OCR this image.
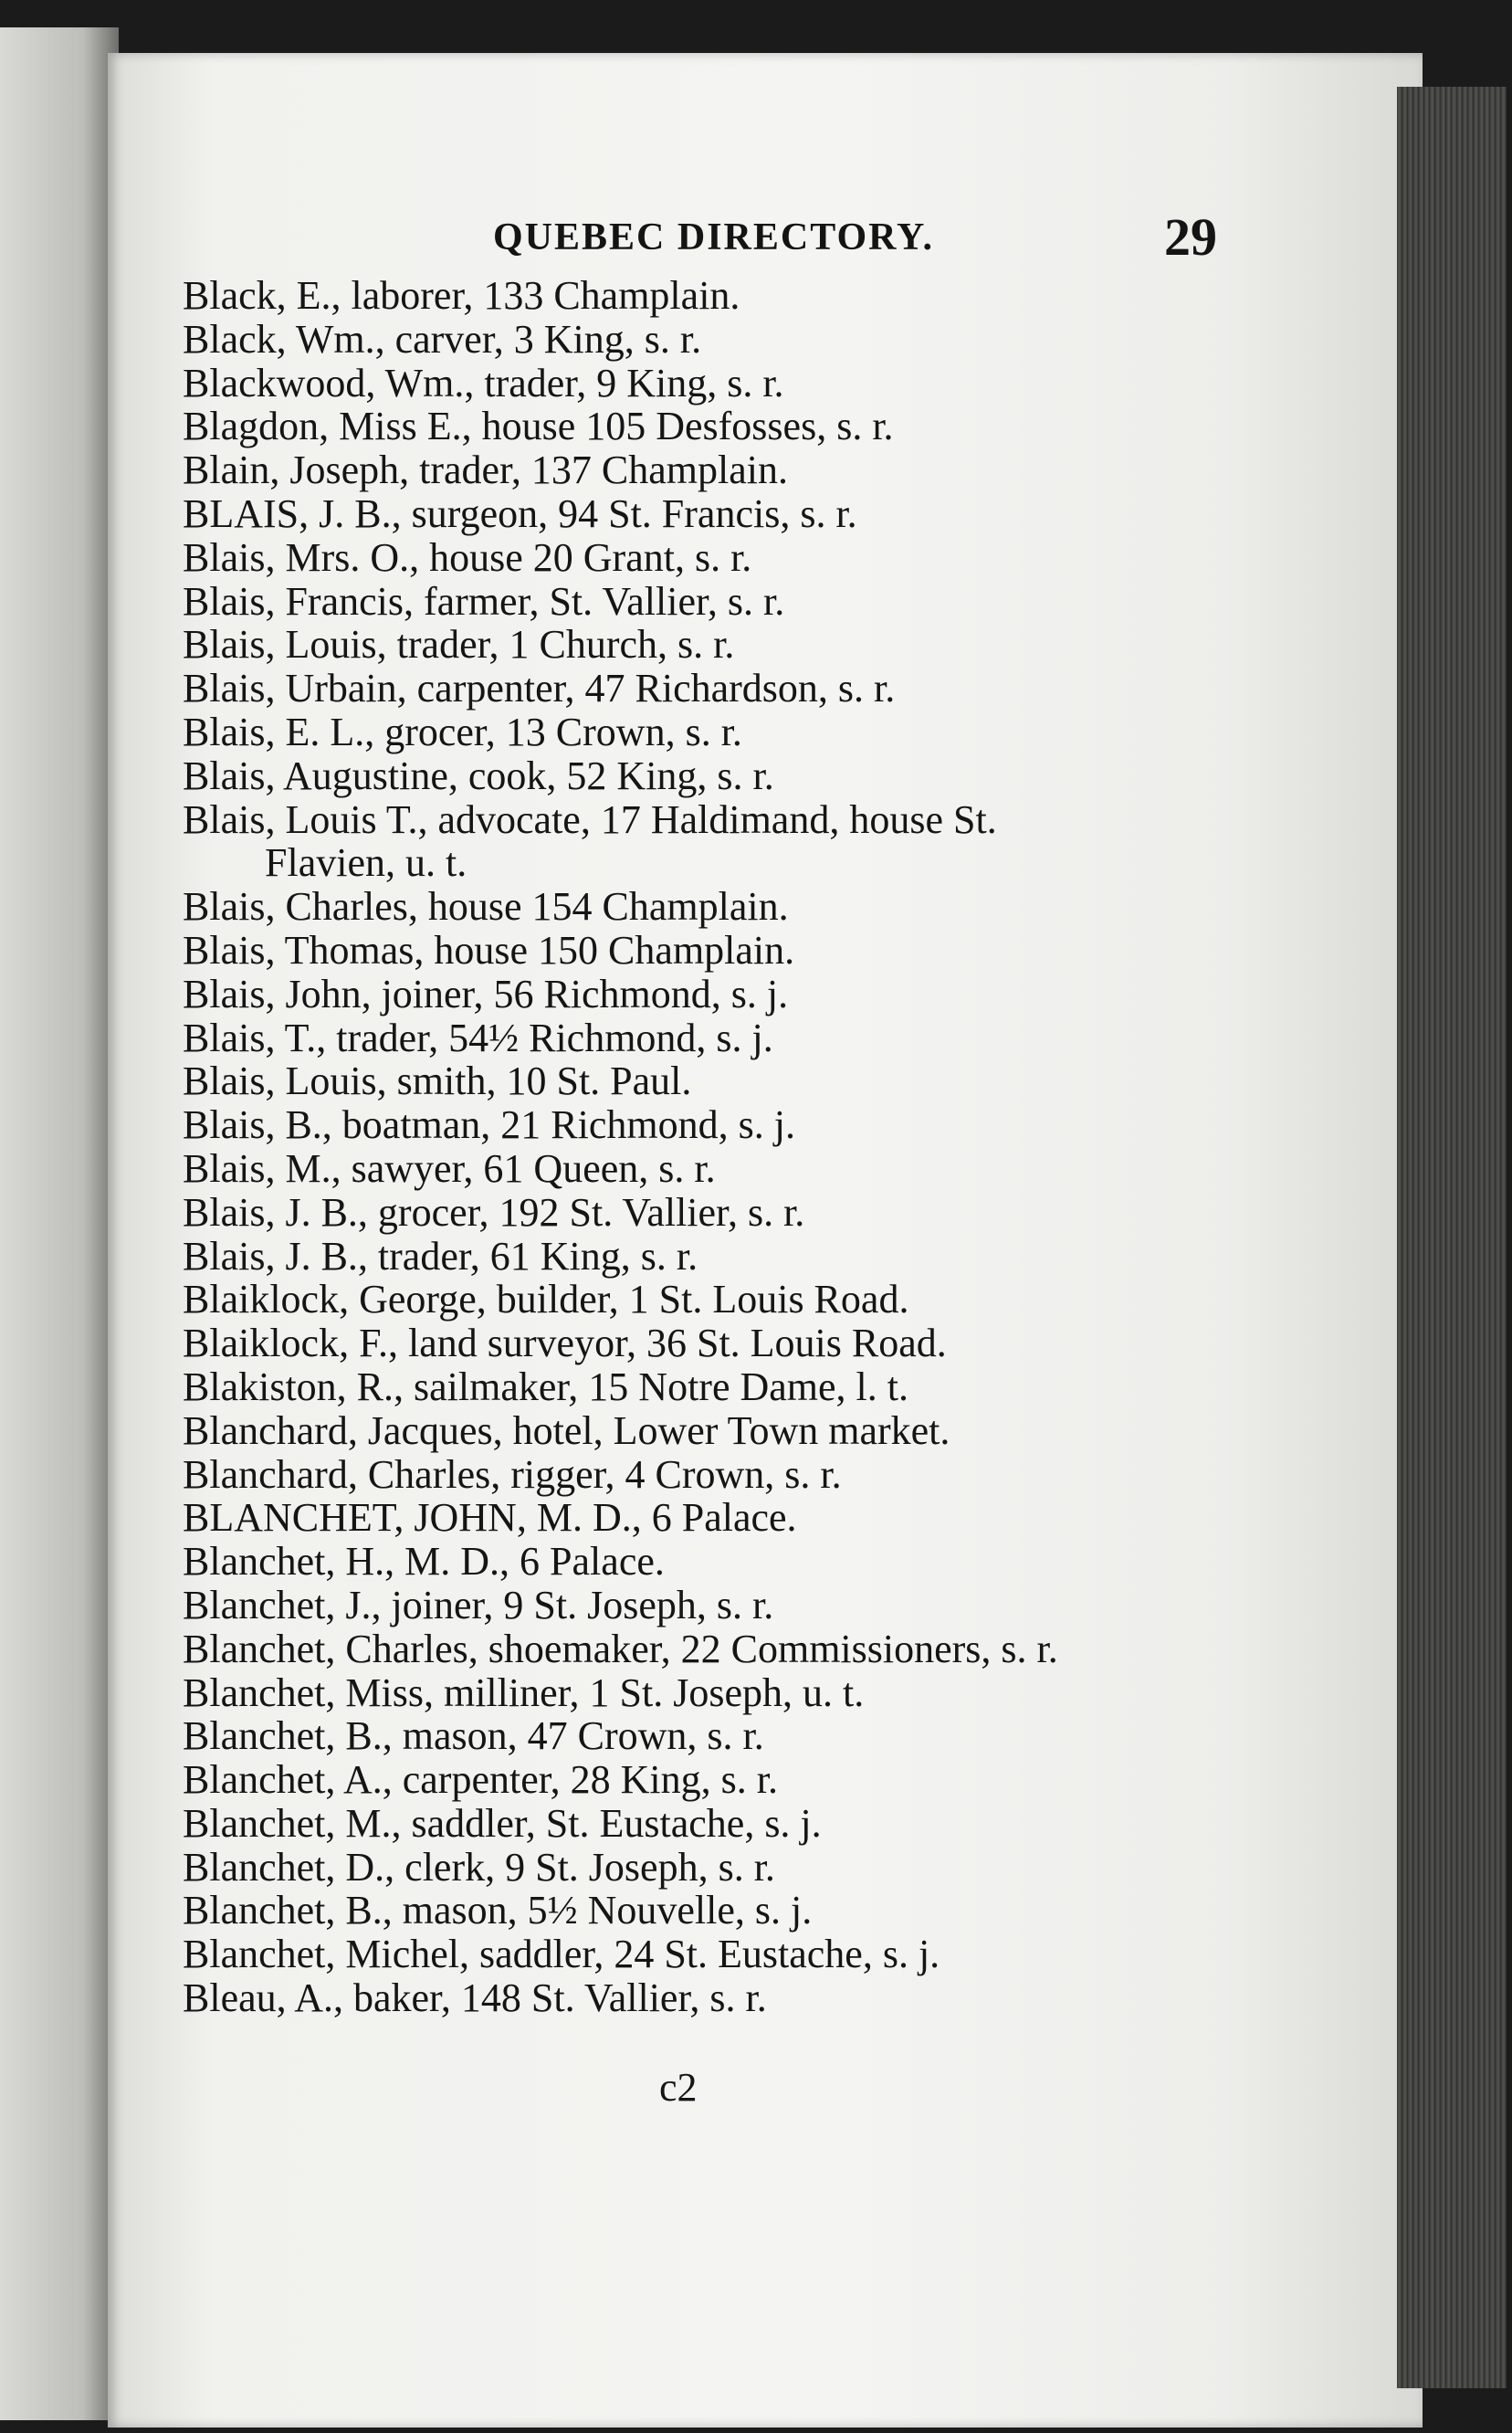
QUEBEC DIRECTORY.	29
Black, E., laborer, 133 Champlain.
Black, Wm., carver, 3 King, s. r.
Blackwood, Wm., trader, 9 King, s. r.
Blagdon, Miss E., house 105 Desfosses, s. r.
Blain, Joseph, trader, 137 Champlain.
BLAIS, J. B., surgeon, 94 St. Francis, s. r.
Blais, Mrs. O., house 20 Grant, s. r.
Blais, Francis, farmer, St. Vallier, s. r.
Blais, Louis, trader, 1 Church, s. r.
Blais, Urbain, carpenter, 47 Richardson, s. r.
Blais, E. L., grocer, 13 Crown, s. r.
Blais, Augustine, cook, 52 King, s. r.
Blais, Louis T., advocate, 17 Haldimand, house St.
Flavien, u. t.
Blais, Charles, house 154 Champlain.
Blais, Thomas, house 150 Champlain.
Blais, John, joiner, 56 Richmond, s. j.
Blais, T., trader, 54½ Richmond, s. j.
Blais, Louis, smith, 10 St. Paul.
Blais, B., boatman, 21 Richmond, s. j.
Blais, M., sawyer, 61 Queen, s. r.
Blais, J. B., grocer, 192 St. Vallier, s. r.
Blais, J. B., trader, 61 King, s. r.
Blaiklock, George, builder, 1 St. Louis Road.
Blaiklock, F., land surveyor, 36 St. Louis Road.
Blakiston, R., sailmaker, 15 Notre Dame, l. t.
Blanchard, Jacques, hotel, Lower Town market.
Blanchard, Charles, rigger, 4 Crown, s. r.
BLANCHET, JOHN, M. D., 6 Palace.
Blanchet, H., M. D., 6 Palace.
Blanchet, J., joiner, 9 St. Joseph, s. r.
Blanchet, Charles, shoemaker, 22 Commissioners, s. r.
Blanchet, Miss, milliner, 1 St. Joseph, u. t.
Blanchet, B., mason, 47 Crown, s. r.
Blanchet, A., carpenter, 28 King, s. r.
Blanchet, M., saddler, St. Eustache, s. j.
Blanchet, D., clerk, 9 St. Joseph, s. r.
Blanchet, B., mason, 5½ Nouvelle, s. j.
Blanchet, Michel, saddler, 24 St. Eustache, s. j.
Bleau, A., baker, 148 St. Vallier, s. r.
c2
